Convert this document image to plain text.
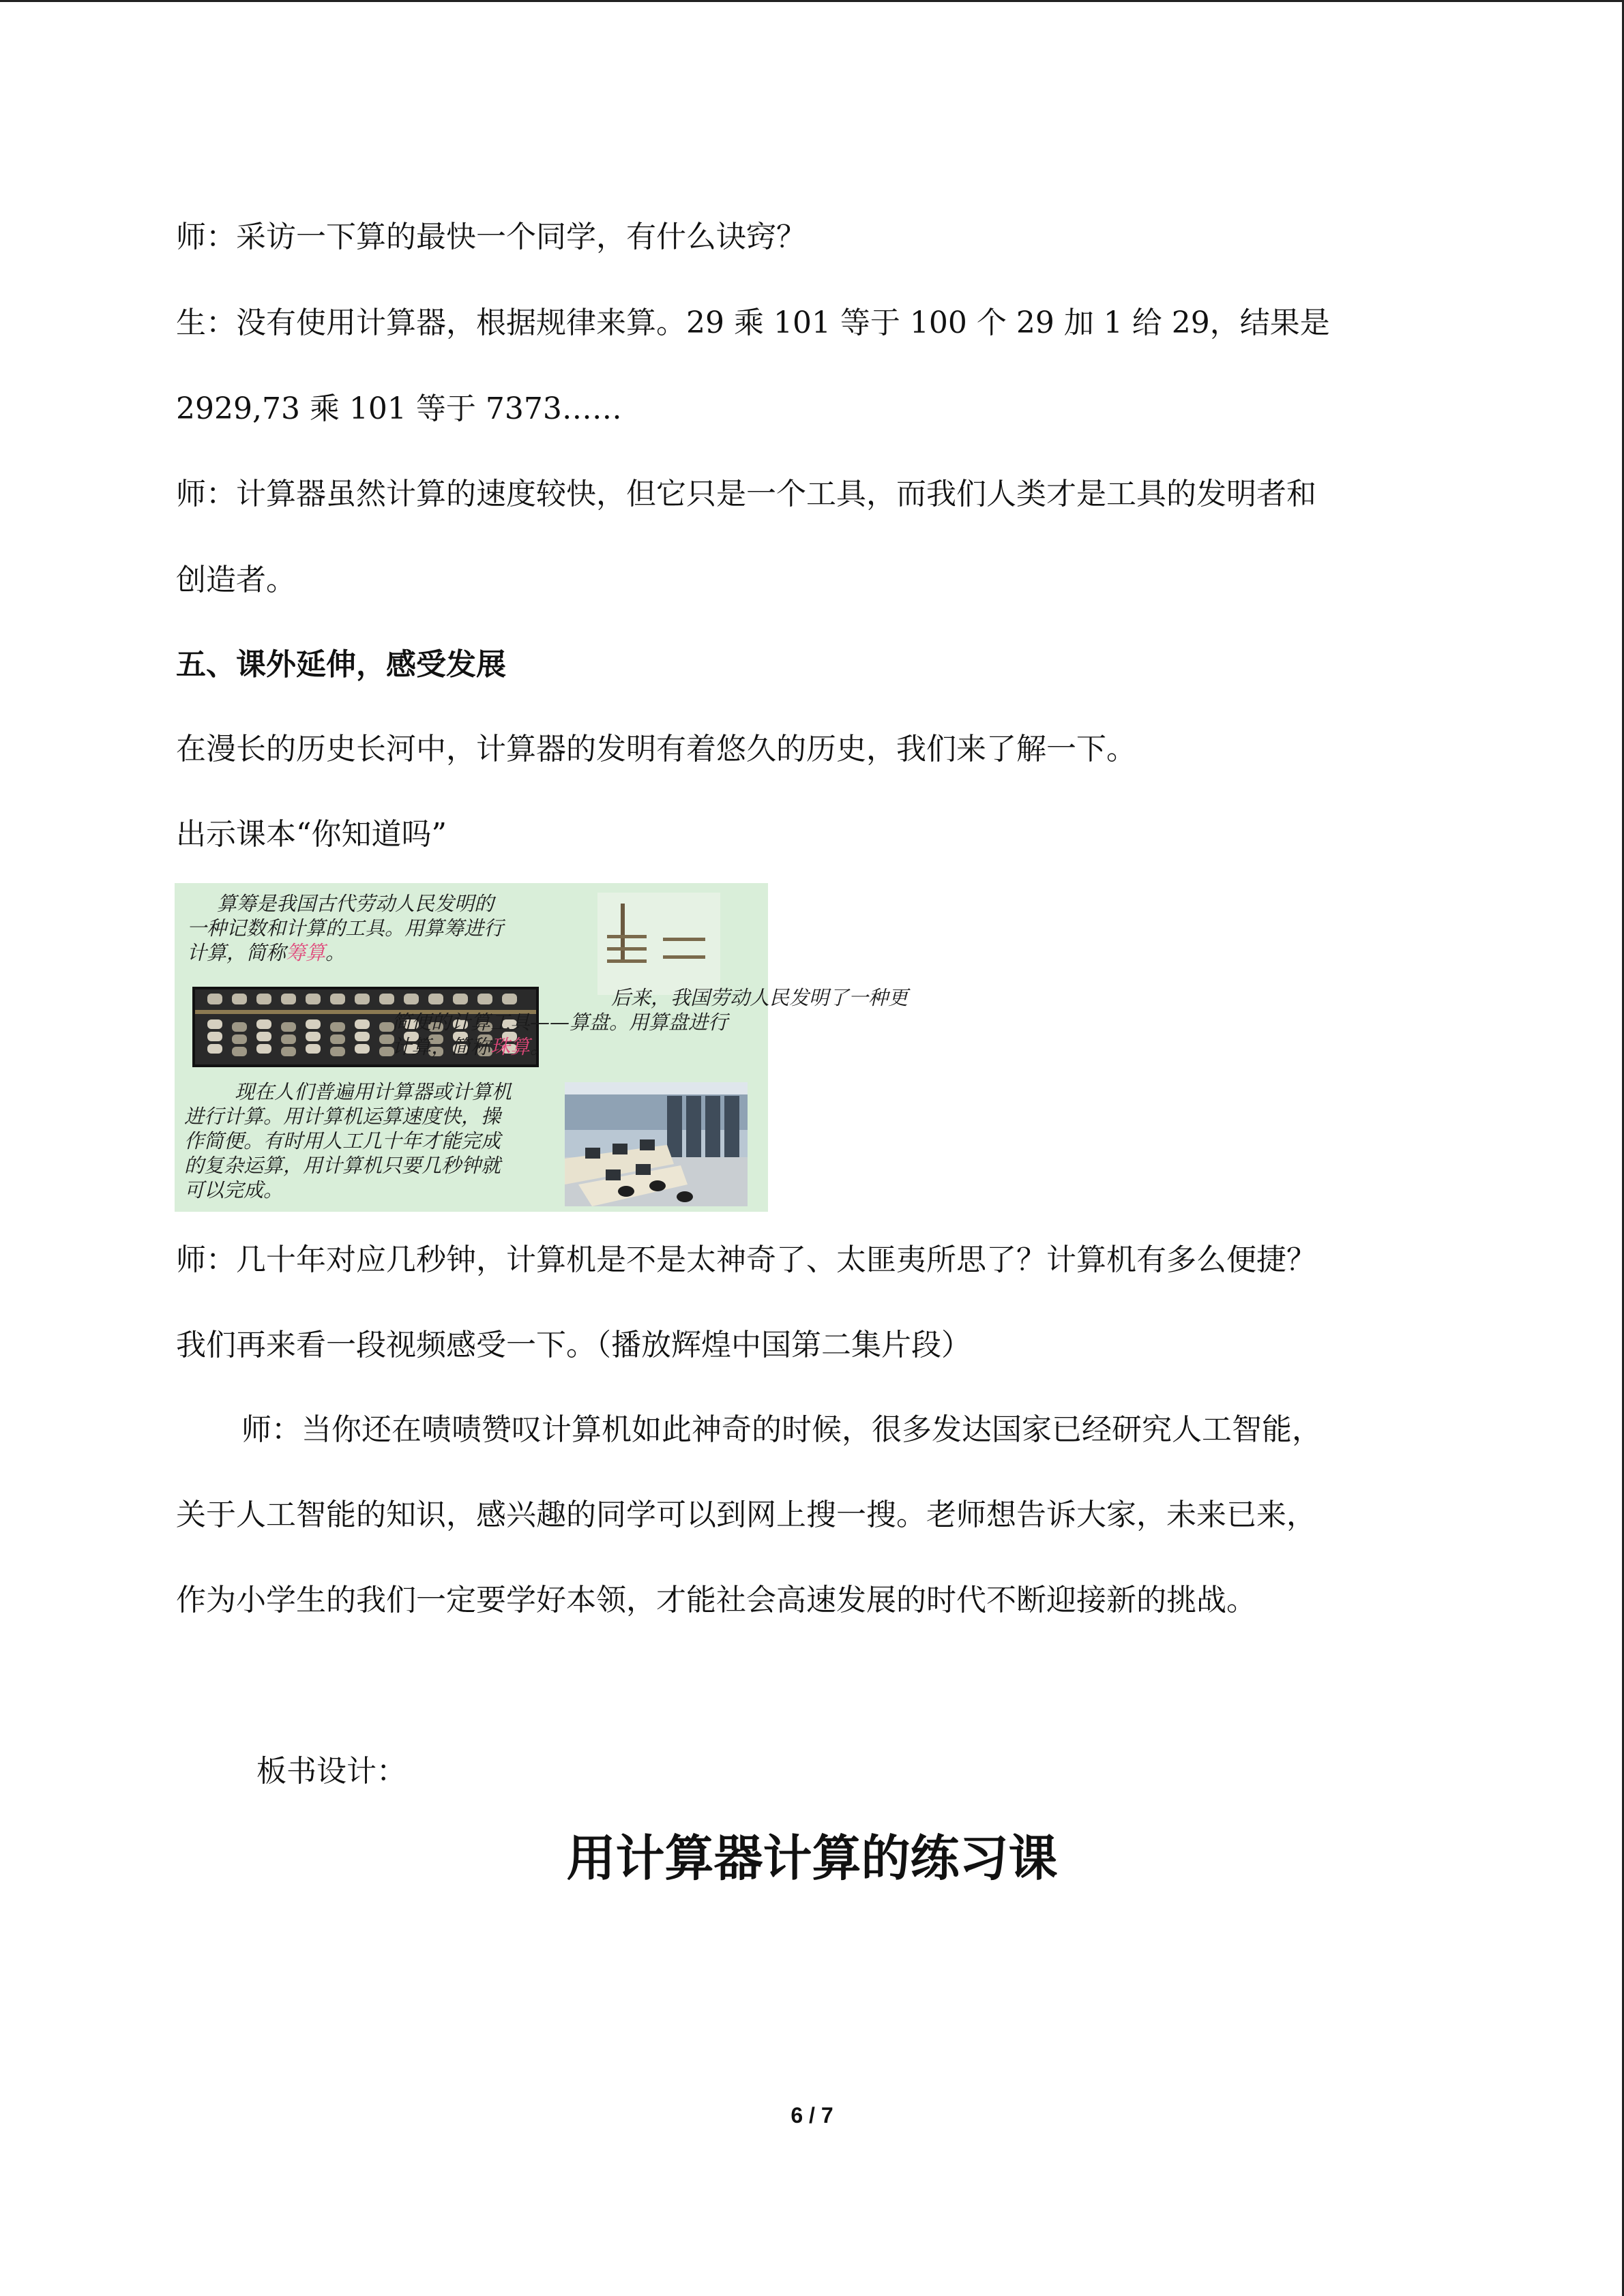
师：采访一下算的最快一个同学，有什么诀窍？
生：没有使用计算器，根据规律来算。29 乘 101 等于 100 个 29 加 1 给 29，结果是
2929,73 乘 101 等于 7373……
师：计算器虽然计算的速度较快，但它只是一个工具，而我们人类才是工具的发明者和
创造者。
五、课外延伸，感受发展
在漫长的历史长河中，计算器的发明有着悠久的历史，我们来了解一下。
出示课本“你知道吗”
算筹是我国古代劳动人民发明的
一种记数和计算的工具。用算筹进行
计算，简称筹算。
后来，我国劳动人民发明了一种更
简便的计算工具——算盘。用算盘进行
计算，简称珠算。
现在人们普遍用计算器或计算机
进行计算。用计算机运算速度快，操
作简便。有时用人工几十年才能完成
的复杂运算，用计算机只要几秒钟就
可以完成。
师：几十年对应几秒钟，计算机是不是太神奇了、太匪夷所思了？计算机有多么便捷？
我们再来看一段视频感受一下。（播放辉煌中国第二集片段）
师：当你还在啧啧赞叹计算机如此神奇的时候，很多发达国家已经研究人工智能，
关于人工智能的知识，感兴趣的同学可以到网上搜一搜。老师想告诉大家，未来已来，
作为小学生的我们一定要学好本领，才能社会高速发展的时代不断迎接新的挑战。
板书设计：
用计算器计算的练习课
6 / 7
